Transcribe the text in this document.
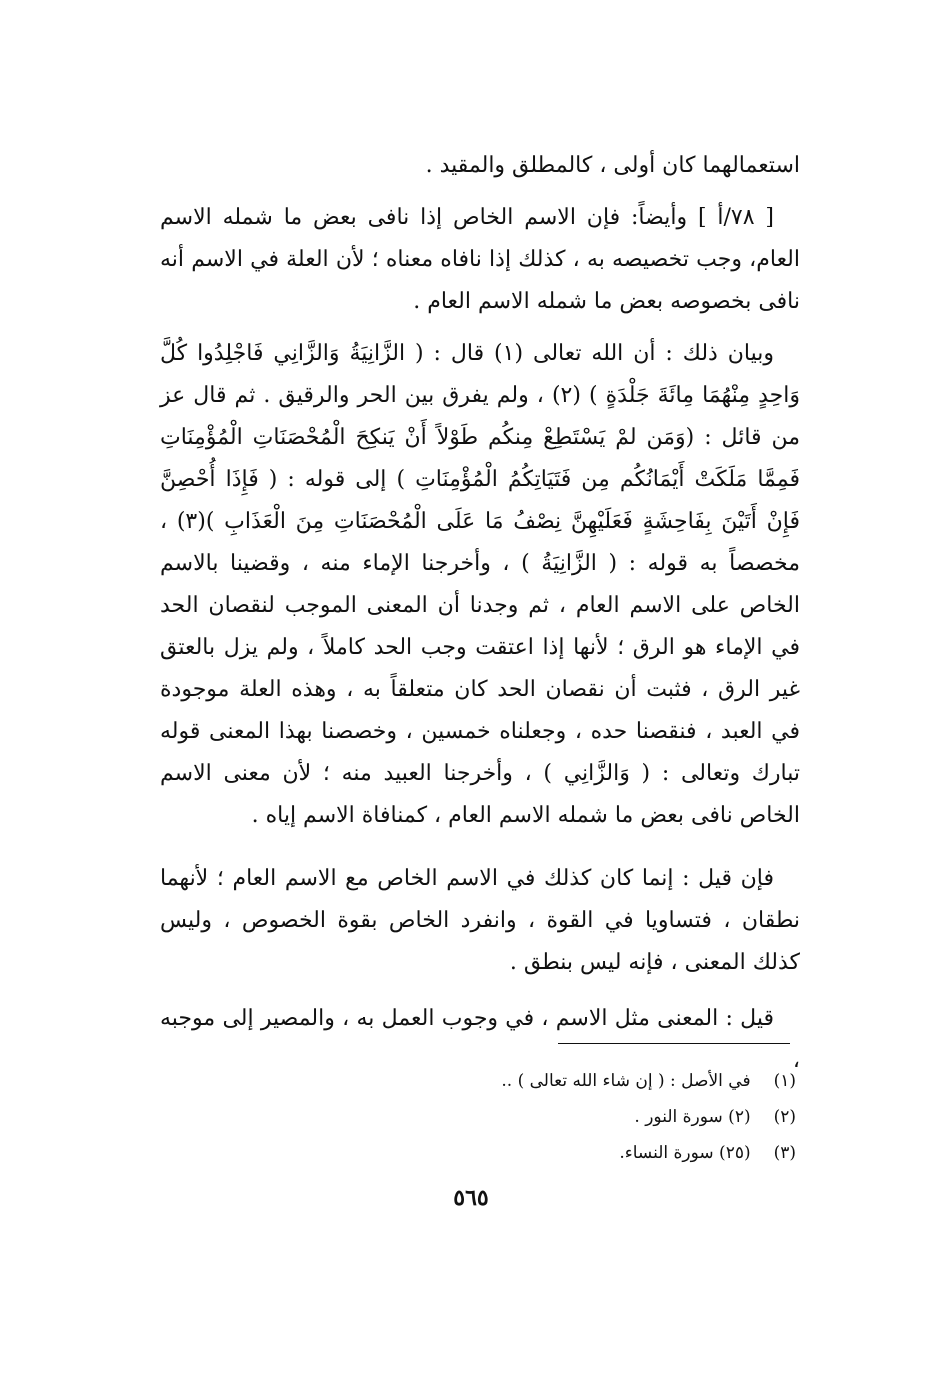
استعمالهما كان أولى ، كالمطلق والمقيد .

[ ٧٨/أ ] وأيضاً: فإن الاسم الخاص إذا نافى بعض ما شمله الاسم العام، وجب تخصيصه به ، كذلك إذا نافاه معناه ؛ لأن العلة في الاسم أنه نافى بخصوصه بعض ما شمله الاسم العام .

وبيان ذلك : أن الله تعالى (١) قال : ( الزَّانِيَةُ وَالزَّانِي فَاجْلِدُوا كُلَّ وَاحِدٍ مِنْهُمَا مِائَةَ جَلْدَةٍ ) (٢) ، ولم يفرق بين الحر والرقيق . ثم قال عز من قائل : (وَمَن لمْ يَسْتَطِعْ مِنكُم طَوْلاً أَنْ يَنكِحَ الْمُحْصَنَاتِ الْمُؤْمِنَاتِ فَمِمَّا مَلَكَتْ أَيْمَانُكُم مِن فَتَيَاتِكُمُ الْمُؤْمِنَاتِ ) إلى قوله : ( فَإِذَا أُحْصِنَّ فَإِنْ أَتَيْنَ بِفَاحِشَةٍ فَعَلَيْهِنَّ نِصْفُ مَا عَلَى الْمُحْصَنَاتِ مِنَ الْعَذَابِ )(٣) ، مخصصاً به قوله : ( الزَّانِيَةُ ) ، وأخرجنا الإماء منه ، وقضينا بالاسم الخاص على الاسم العام ، ثم وجدنا أن المعنى الموجب لنقصان الحد في الإماء هو الرق ؛ لأنها إذا اعتقت وجب الحد كاملاً ، ولم يزل بالعتق غير الرق ، فثبت أن نقصان الحد كان متعلقاً به ، وهذه العلة موجودة في العبد ، فنقصنا حده ، وجعلناه خمسين ، وخصصنا بهذا المعنى قوله تبارك وتعالى : ( وَالزَّانِي ) ، وأخرجنا العبيد منه ؛ لأن معنى الاسم الخاص نافى بعض ما شمله الاسم العام ، كمنافاة الاسم إياه .

فإن قيل : إنما كان كذلك في الاسم الخاص مع الاسم العام ؛ لأنهما نطقان ، فتساويا في القوة ، وانفرد الخاص بقوة الخصوص ، وليس كذلك المعنى ، فإنه ليس بنطق .

قيل : المعنى مثل الاسم ، في وجوب العمل به ، والمصير إلى موجبه ،

(١) في الأصل : ( إن شاء الله تعالى ) ..
(٢) (٢) سورة النور .
(٣) (٢٥) سورة النساء.
٥٦٥
